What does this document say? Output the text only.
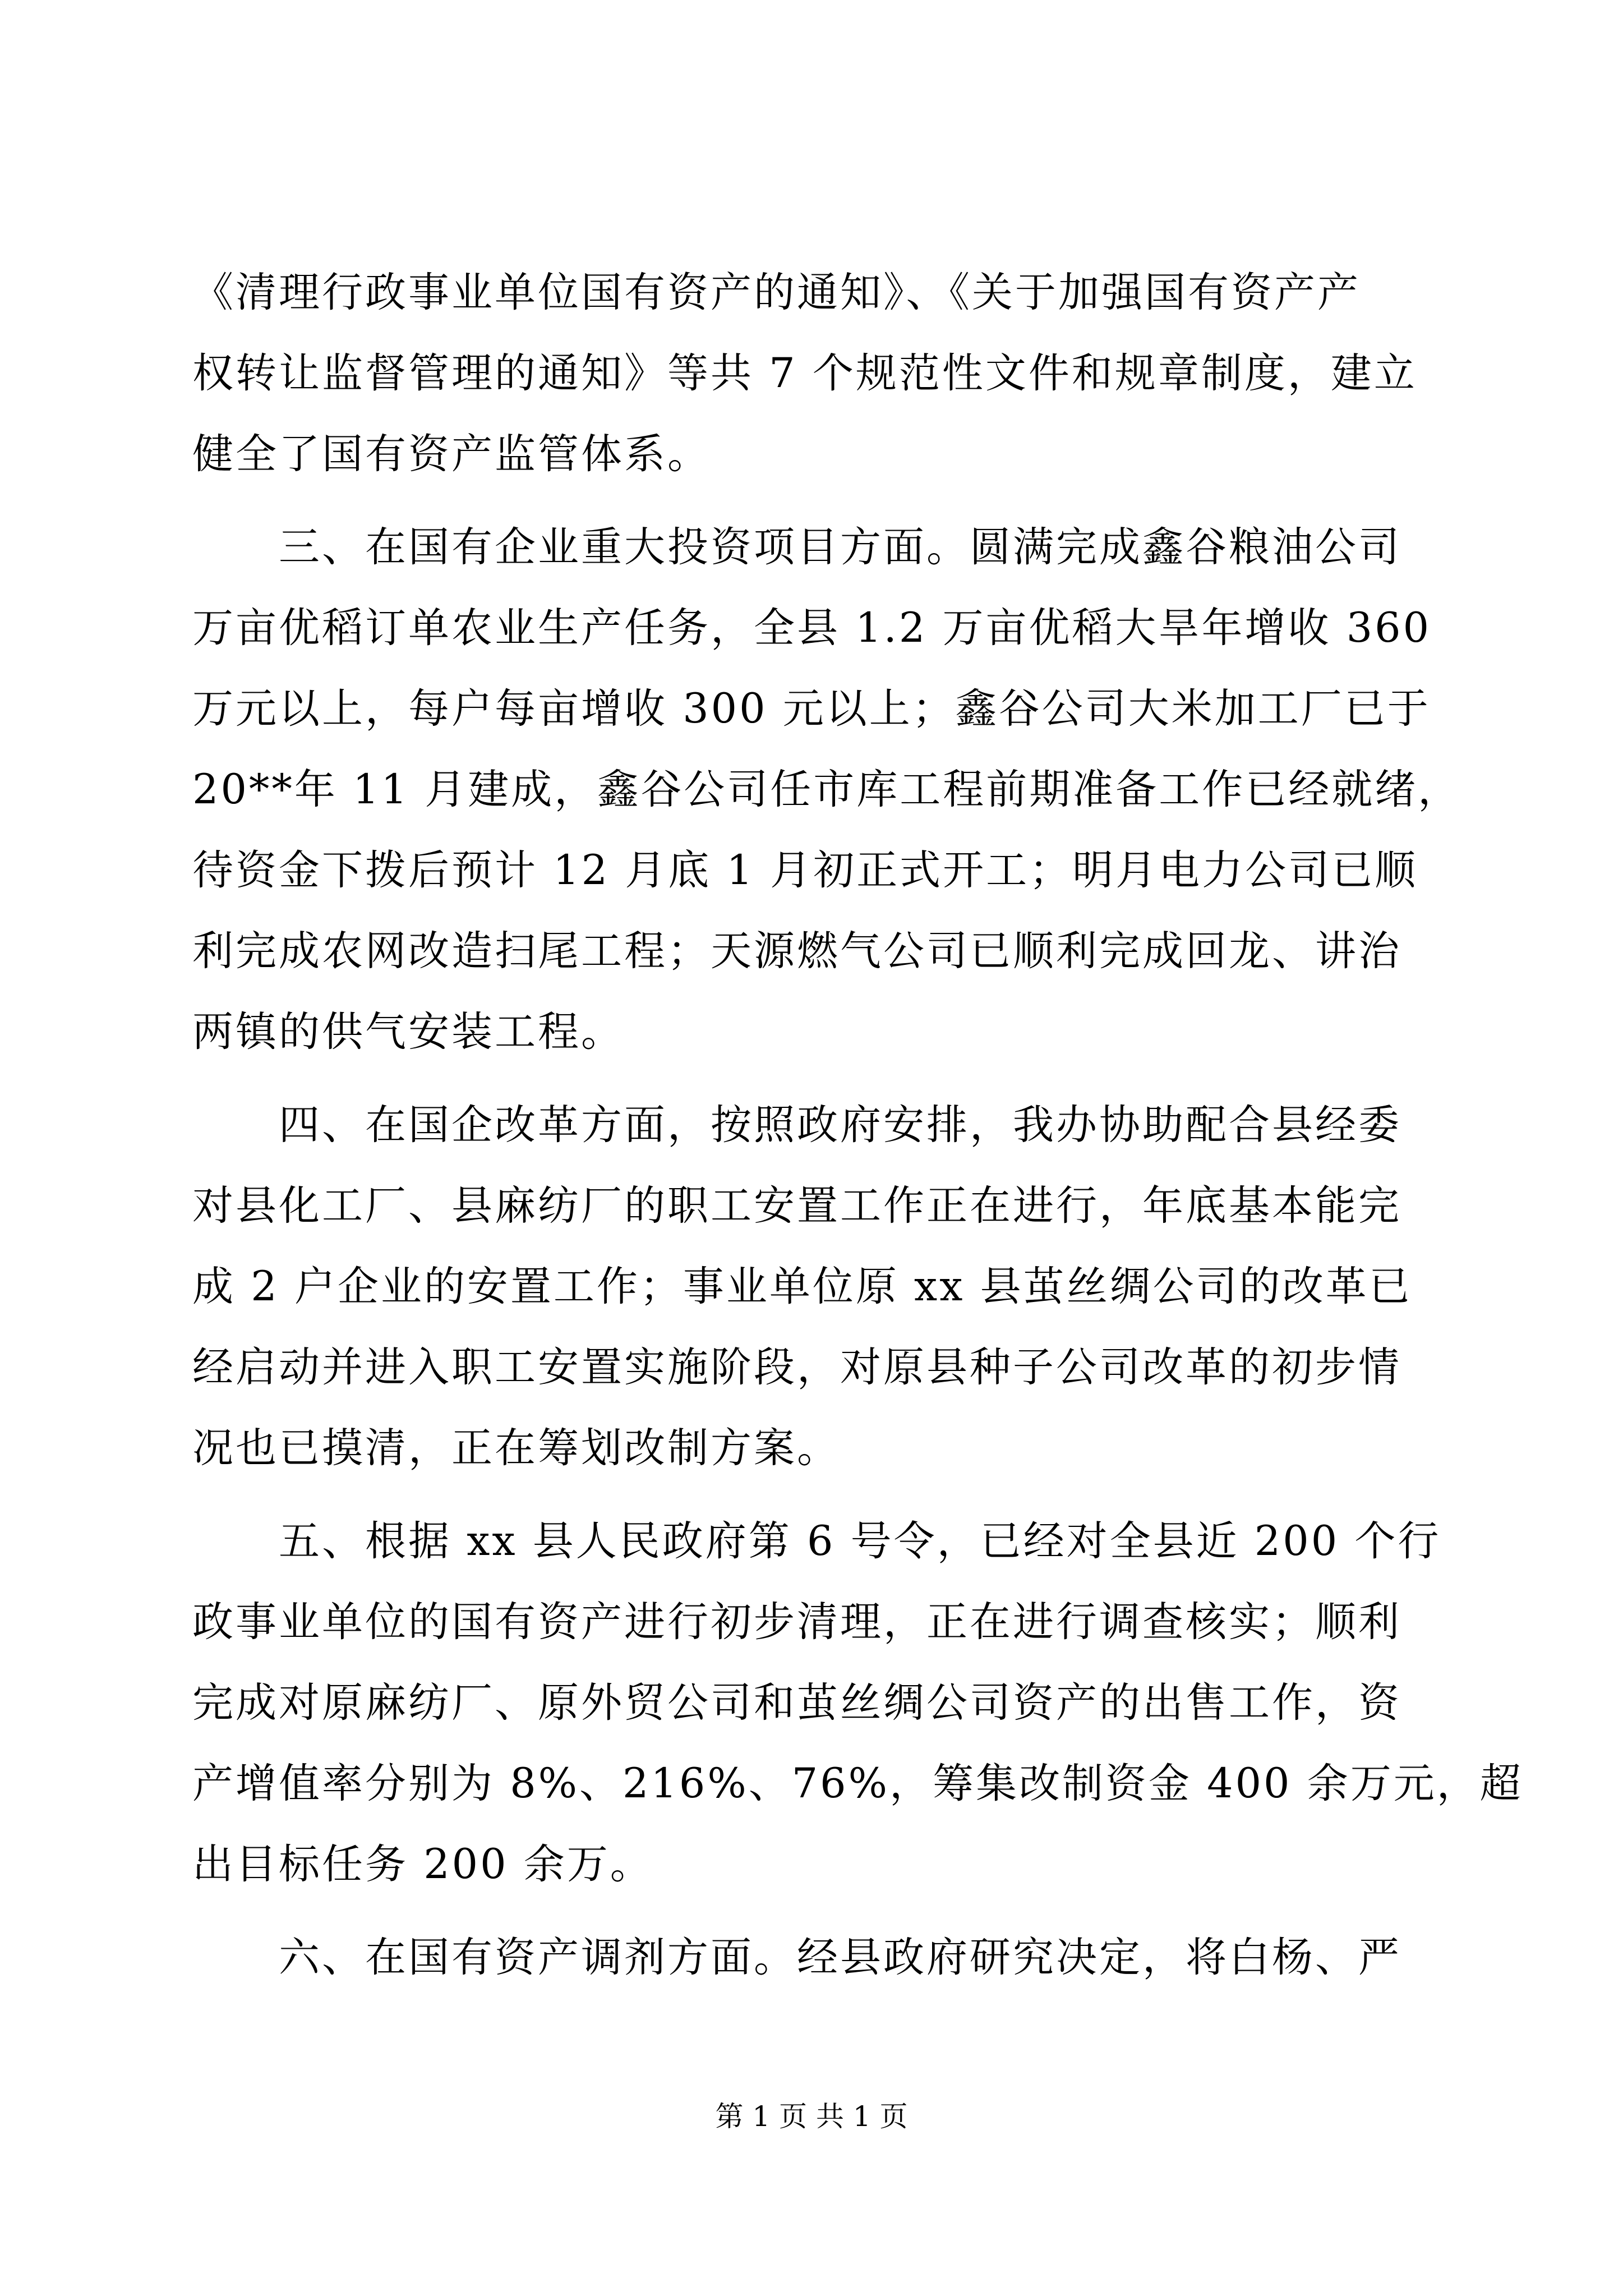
《清理行政事业单位国有资产的通知》、《关于加强国有资产产
权转让监督管理的通知》等共 7 个规范性文件和规章制度，建立
健全了国有资产监管体系。
　　三、在国有企业重大投资项目方面。圆满完成鑫谷粮油公司
万亩优稻订单农业生产任务，全县 1.2 万亩优稻大旱年增收 360
万元以上，每户每亩增收 300 元以上；鑫谷公司大米加工厂已于
20**年 11 月建成，鑫谷公司任市库工程前期准备工作已经就绪，
待资金下拨后预计 12 月底 1 月初正式开工；明月电力公司已顺
利完成农网改造扫尾工程；天源燃气公司已顺利完成回龙、讲治
两镇的供气安装工程。
　　四、在国企改革方面，按照政府安排，我办协助配合县经委
对县化工厂、县麻纺厂的职工安置工作正在进行，年底基本能完
成 2 户企业的安置工作；事业单位原 xx 县茧丝绸公司的改革已
经启动并进入职工安置实施阶段，对原县种子公司改革的初步情
况也已摸清，正在筹划改制方案。
　　五、根据 xx 县人民政府第 6 号令，已经对全县近 200 个行
政事业单位的国有资产进行初步清理，正在进行调查核实；顺利
完成对原麻纺厂、原外贸公司和茧丝绸公司资产的出售工作，资
产增值率分别为 8%、216%、76%，筹集改制资金 400 余万元，超
出目标任务 200 余万。
　　六、在国有资产调剂方面。经县政府研究决定，将白杨、严
第 1 页 共 1 页
